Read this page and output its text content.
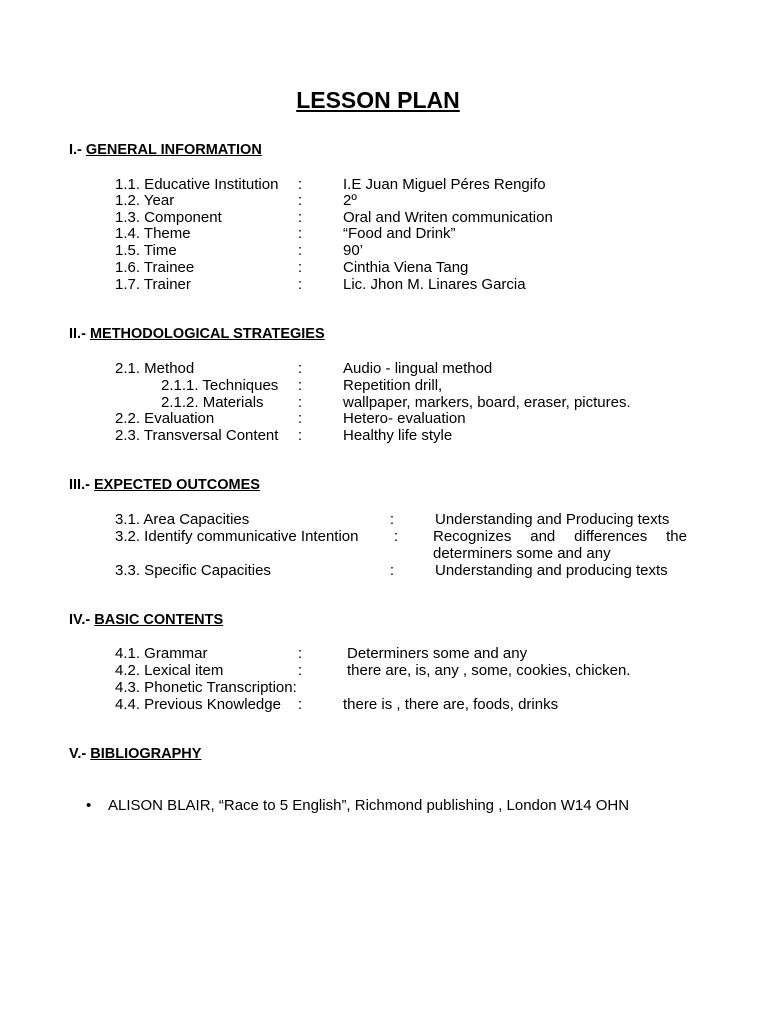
LESSON PLAN
I.- GENERAL INFORMATION
1.1. Educative Institution :	I.E Juan Miguel Péres Rengifo
1.2. Year	:	2º
1.3. Component	:	Oral and Writen communication
1.4. Theme	:	“Food and Drink”
1.5. Time	:	90’
1.6. Trainee	:	Cinthia Viena Tang
1.7. Trainer	:	Lic. Jhon M. Linares Garcia
II.- METHODOLOGICAL STRATEGIES
2.1. Method	:	Audio - lingual method
2.1.1. Techniques :	Repetition drill,
2.1.2. Materials :	wallpaper, markers, board, eraser, pictures.
2.2. Evaluation	:	Hetero- evaluation
2.3. Transversal Content :	Healthy life style
III.- EXPECTED OUTCOMES
3.1. Area Capacities	:	Understanding and Producing texts
3.2. Identify communicative Intention : Recognizes and differences the determiners some and any
3.3. Specific Capacities	:	Understanding and producing texts
IV.- BASIC CONTENTS
4.1. Grammar	:	Determiners some and any
4.2. Lexical item	:	there are, is, any , some, cookies, chicken.
4.3. Phonetic Transcription:
4.4. Previous Knowledge :	there is , there are, foods, drinks
V.- BIBLIOGRAPHY
• ALISON BLAIR, “Race to 5 English”, Richmond publishing , London W14 OHN
